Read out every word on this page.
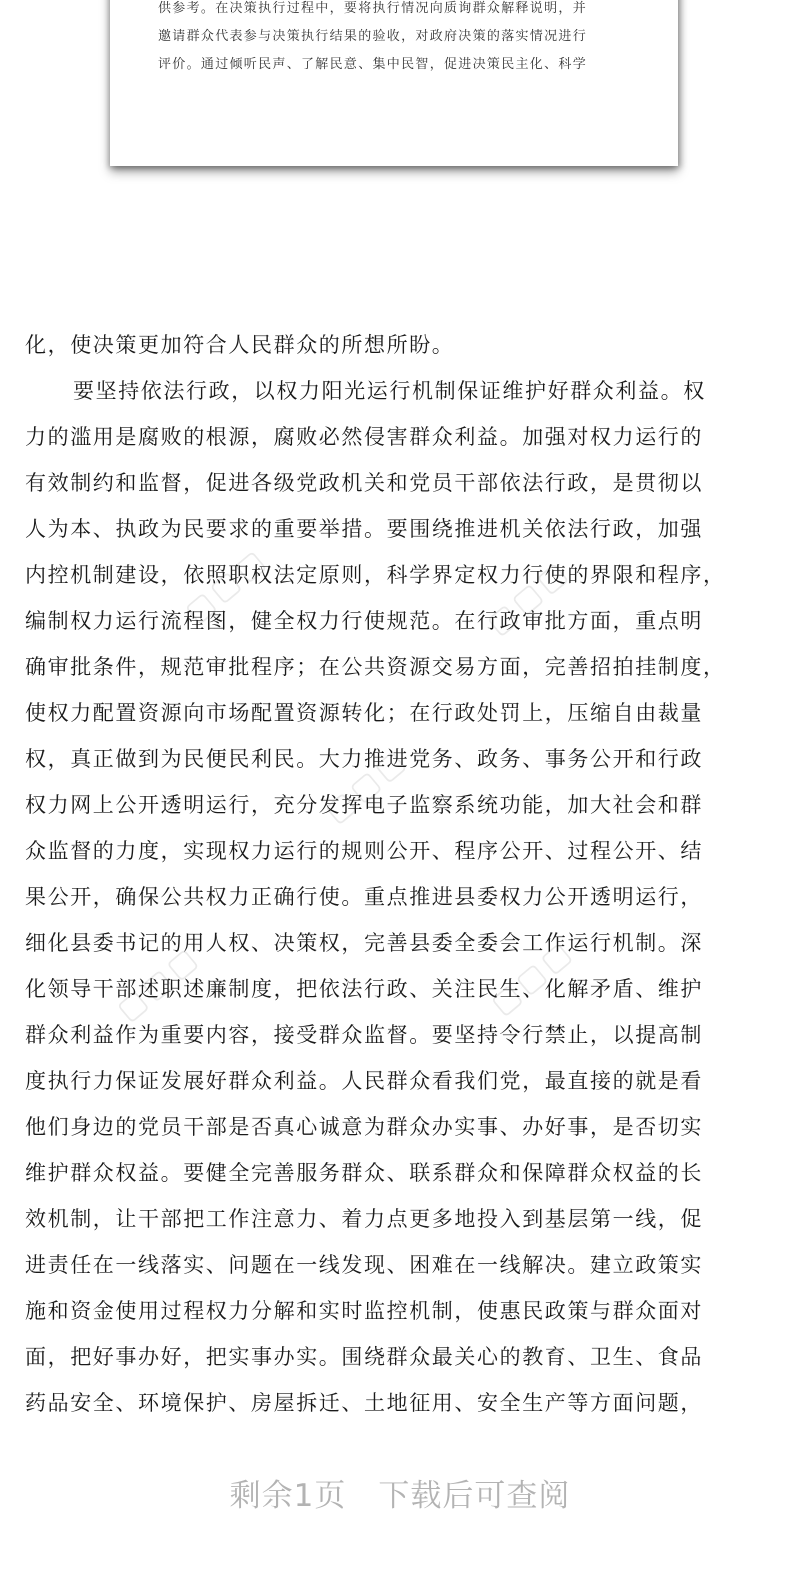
供参考。在决策执行过程中，要将执行情况向质询群众解释说明，并
邀请群众代表参与决策执行结果的验收，对政府决策的落实情况进行
评价。通过倾听民声、了解民意、集中民智，促进决策民主化、科学
▢▢▢	▢▢▢
▢▢▢
▢▢▢	▢▢▢
化，使决策更加符合人民群众的所想所盼。
要坚持依法行政，以权力阳光运行机制保证维护好群众利益。权
力的滥用是腐败的根源，腐败必然侵害群众利益。加强对权力运行的
有效制约和监督，促进各级党政机关和党员干部依法行政，是贯彻以
人为本、执政为民要求的重要举措。要围绕推进机关依法行政，加强
内控机制建设，依照职权法定原则，科学界定权力行使的界限和程序，
编制权力运行流程图，健全权力行使规范。在行政审批方面，重点明
确审批条件，规范审批程序；在公共资源交易方面，完善招拍挂制度，
使权力配置资源向市场配置资源转化；在行政处罚上，压缩自由裁量
权，真正做到为民便民利民。大力推进党务、政务、事务公开和行政
权力网上公开透明运行，充分发挥电子监察系统功能，加大社会和群
众监督的力度，实现权力运行的规则公开、程序公开、过程公开、结
果公开，确保公共权力正确行使。重点推进县委权力公开透明运行，
细化县委书记的用人权、决策权，完善县委全委会工作运行机制。深
化领导干部述职述廉制度，把依法行政、关注民生、化解矛盾、维护
群众利益作为重要内容，接受群众监督。要坚持令行禁止，以提高制
度执行力保证发展好群众利益。人民群众看我们党，最直接的就是看
他们身边的党员干部是否真心诚意为群众办实事、办好事，是否切实
维护群众权益。要健全完善服务群众、联系群众和保障群众权益的长
效机制，让干部把工作注意力、着力点更多地投入到基层第一线，促
进责任在一线落实、问题在一线发现、困难在一线解决。建立政策实
施和资金使用过程权力分解和实时监控机制，使惠民政策与群众面对
面，把好事办好，把实事办实。围绕群众最关心的教育、卫生、食品
药品安全、环境保护、房屋拆迁、土地征用、安全生产等方面问题，
剩余1页 下载后可查阅
